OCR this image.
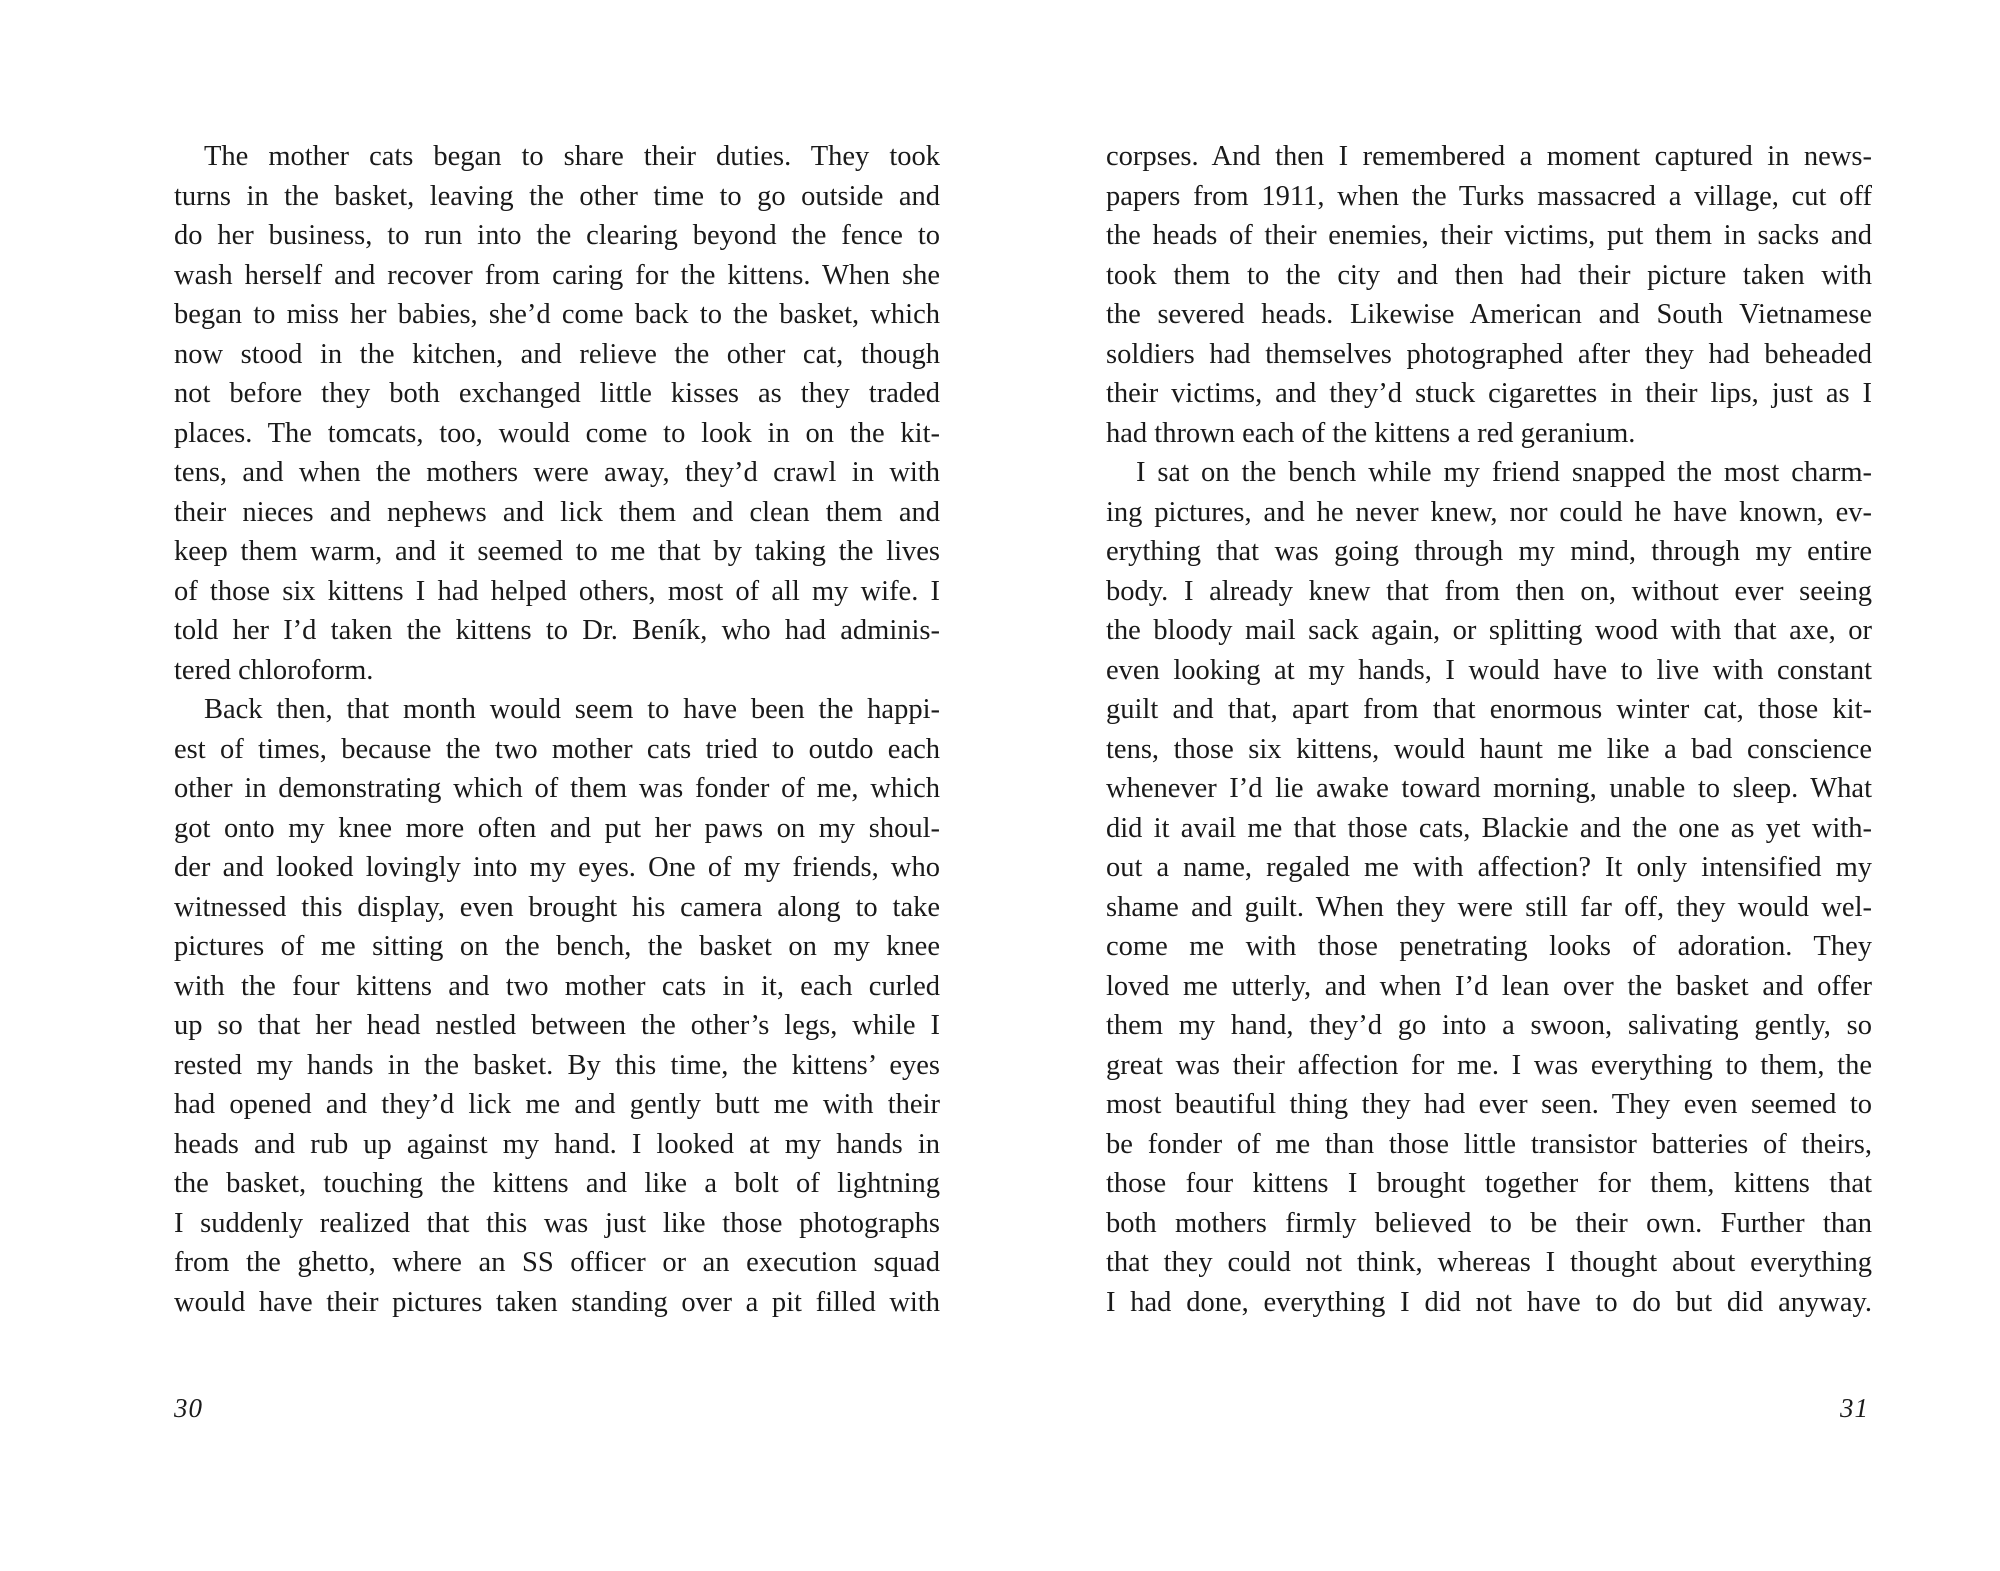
The mother cats began to share their duties. They took
turns in the basket, leaving the other time to go outside and
do her business, to run into the clearing beyond the fence to
wash herself and recover from caring for the kittens. When she
began to miss her babies, she’d come back to the basket, which
now stood in the kitchen, and relieve the other cat, though
not before they both exchanged little kisses as they traded
places. The tomcats, too, would come to look in on the kit-
tens, and when the mothers were away, they’d crawl in with
their nieces and nephews and lick them and clean them and
keep them warm, and it seemed to me that by taking the lives
of those six kittens I had helped others, most of all my wife. I
told her I’d taken the kittens to Dr. Beník, who had adminis-
tered chloroform.
Back then, that month would seem to have been the happi-
est of times, because the two mother cats tried to outdo each
other in demonstrating which of them was fonder of me, which
got onto my knee more often and put her paws on my shoul-
der and looked lovingly into my eyes. One of my friends, who
witnessed this display, even brought his camera along to take
pictures of me sitting on the bench, the basket on my knee
with the four kittens and two mother cats in it, each curled
up so that her head nestled between the other’s legs, while I
rested my hands in the basket. By this time, the kittens’ eyes
had opened and they’d lick me and gently butt me with their
heads and rub up against my hand. I looked at my hands in
the basket, touching the kittens and like a bolt of lightning
I suddenly realized that this was just like those photographs
from the ghetto, where an SS officer or an execution squad
would have their pictures taken standing over a pit filled with
30
corpses. And then I remembered a moment captured in news-
papers from 1911, when the Turks massacred a village, cut off
the heads of their enemies, their victims, put them in sacks and
took them to the city and then had their picture taken with
the severed heads. Likewise American and South Vietnamese
soldiers had themselves photographed after they had beheaded
their victims, and they’d stuck cigarettes in their lips, just as I
had thrown each of the kittens a red geranium.
I sat on the bench while my friend snapped the most charm-
ing pictures, and he never knew, nor could he have known, ev-
erything that was going through my mind, through my entire
body. I already knew that from then on, without ever seeing
the bloody mail sack again, or splitting wood with that axe, or
even looking at my hands, I would have to live with constant
guilt and that, apart from that enormous winter cat, those kit-
tens, those six kittens, would haunt me like a bad conscience
whenever I’d lie awake toward morning, unable to sleep. What
did it avail me that those cats, Blackie and the one as yet with-
out a name, regaled me with affection? It only intensified my
shame and guilt. When they were still far off, they would wel-
come me with those penetrating looks of adoration. They
loved me utterly, and when I’d lean over the basket and offer
them my hand, they’d go into a swoon, salivating gently, so
great was their affection for me. I was everything to them, the
most beautiful thing they had ever seen. They even seemed to
be fonder of me than those little transistor batteries of theirs,
those four kittens I brought together for them, kittens that
both mothers firmly believed to be their own. Further than
that they could not think, whereas I thought about everything
I had done, everything I did not have to do but did anyway.
31
